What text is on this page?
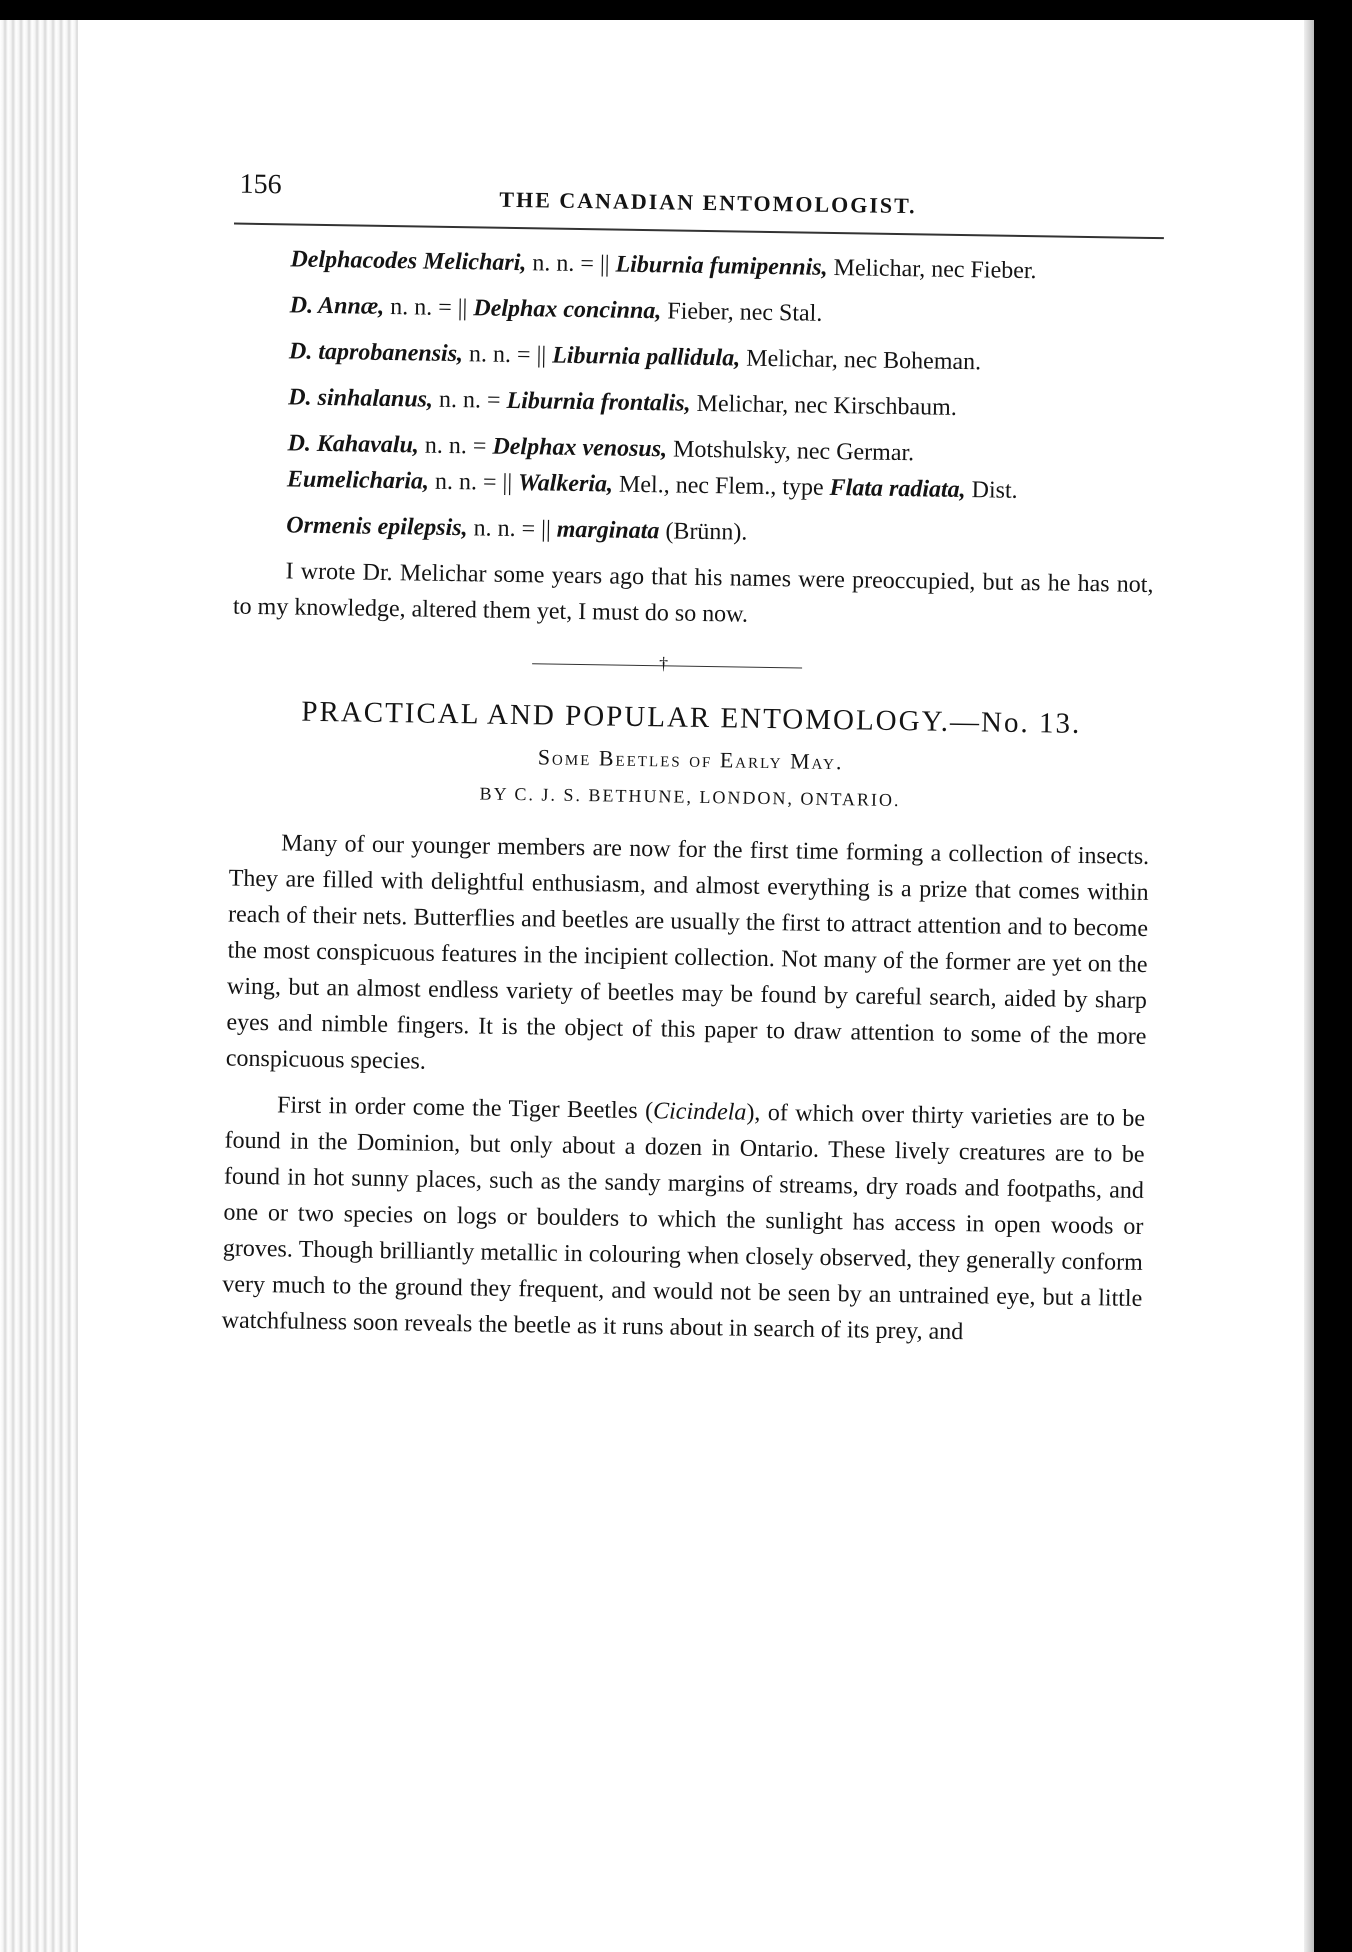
156
THE CANADIAN ENTOMOLOGIST.

Delphacodes Melichari, n. n. = || Liburnia fumipennis, Melichar, nec Fieber.

D. Annæ, n. n. = || Delphax concinna, Fieber, nec Stal.

D. taprobanensis, n. n. = || Liburnia pallidula, Melichar, nec Boheman.

D. sinhalanus, n. n. = Liburnia frontalis, Melichar, nec Kirschbaum.

D. Kahavalu, n. n. = Delphax venosus, Motshulsky, nec Germar.

Eumelicharia, n. n. = || Walkeria, Mel., nec Flem., type Flata radiata, Dist.

Ormenis epilepsis, n. n. = || marginata (Brünn).

I wrote Dr. Melichar some years ago that his names were preoccupied, but as he has not, to my knowledge, altered them yet, I must do so now.

†
PRACTICAL AND POPULAR ENTOMOLOGY.—No. 13.
Some Beetles of Early May.
BY C. J. S. BETHUNE, LONDON, ONTARIO.

Many of our younger members are now for the first time forming a collection of insects. They are filled with delightful enthusiasm, and almost everything is a prize that comes within reach of their nets. Butterflies and beetles are usually the first to attract attention and to become the most conspicuous features in the incipient collection. Not many of the former are yet on the wing, but an almost endless variety of beetles may be found by careful search, aided by sharp eyes and nimble fingers. It is the object of this paper to draw attention to some of the more conspicuous species.

First in order come the Tiger Beetles (Cicindela), of which over thirty varieties are to be found in the Dominion, but only about a dozen in Ontario. These lively creatures are to be found in hot sunny places, such as the sandy margins of streams, dry roads and footpaths, and one or two species on logs or boulders to which the sunlight has access in open woods or groves. Though brilliantly metallic in colouring when closely observed, they generally conform very much to the ground they frequent, and would not be seen by an untrained eye, but a little watchfulness soon reveals the beetle as it runs about in search of its prey, and
